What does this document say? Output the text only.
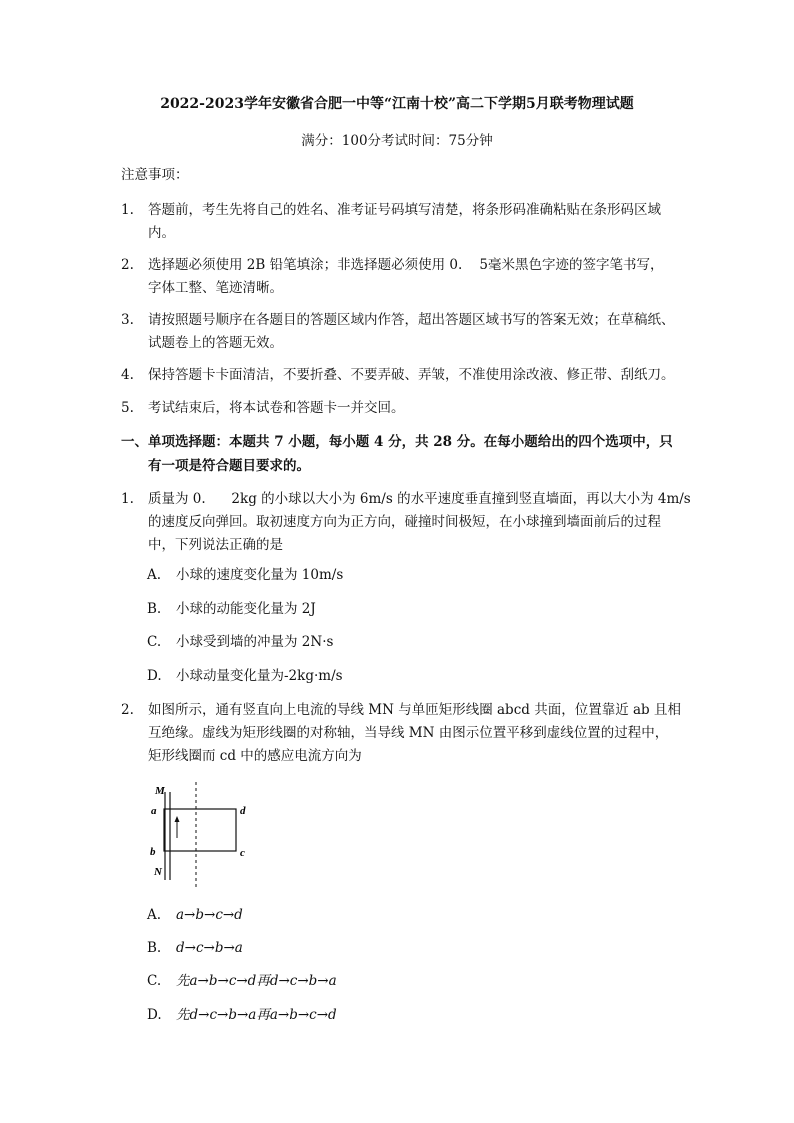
2022-2023学年安徽省合肥一中等“江南十校”高二下学期5月联考物理试题
满分：100分考试时间：75分钟
注意事项：
1. 答题前，考生先将自己的姓名、准考证号码填写清楚，将条形码准确粘贴在条形码区域
内。
2. 选择题必须使用 2B 铅笔填涂；非选择题必须使用 0.    5毫米黑色字迹的签字笔书写，
字体工整、笔迹清晰。
3. 请按照题号顺序在各题目的答题区域内作答，超出答题区域书写的答案无效；在草稿纸、
试题卷上的答题无效。
4. 保持答题卡卡面清洁，不要折叠、不要弄破、弄皱，不准使用涂改液、修正带、刮纸刀。
5. 考试结束后，将本试卷和答题卡一并交回。
一、单项选择题：本题共 7 小题，每小题 4 分，共 28 分。在每小题给出的四个选项中，只
有一项是符合题目要求的。
1. 质量为 0.      2kg 的小球以大小为 6m/s 的水平速度垂直撞到竖直墙面，再以大小为 4m/s
的速度反向弹回。取初速度方向为正方向，碰撞时间极短，在小球撞到墙面前后的过程
中，下列说法正确的是
A. 小球的速度变化量为 10m/s
B. 小球的动能变化量为 2J
C. 小球受到墙的冲量为 2N·s
D. 小球动量变化量为-2kg·m/s
2. 如图所示，通有竖直向上电流的导线 MN 与单匝矩形线圈 abcd 共面，位置靠近 ab 且相
互绝缘。虚线为矩形线圈的对称轴，当导线 MN 由图示位置平移到虚线位置的过程中，
矩形线圈而 cd 中的感应电流方向为
M
a	d
b	c
N
A. a→b→c→d
B. d→c→b→a
C. 先a→b→c→d再d→c→b→a
D. 先d→c→b→a再a→b→c→d
